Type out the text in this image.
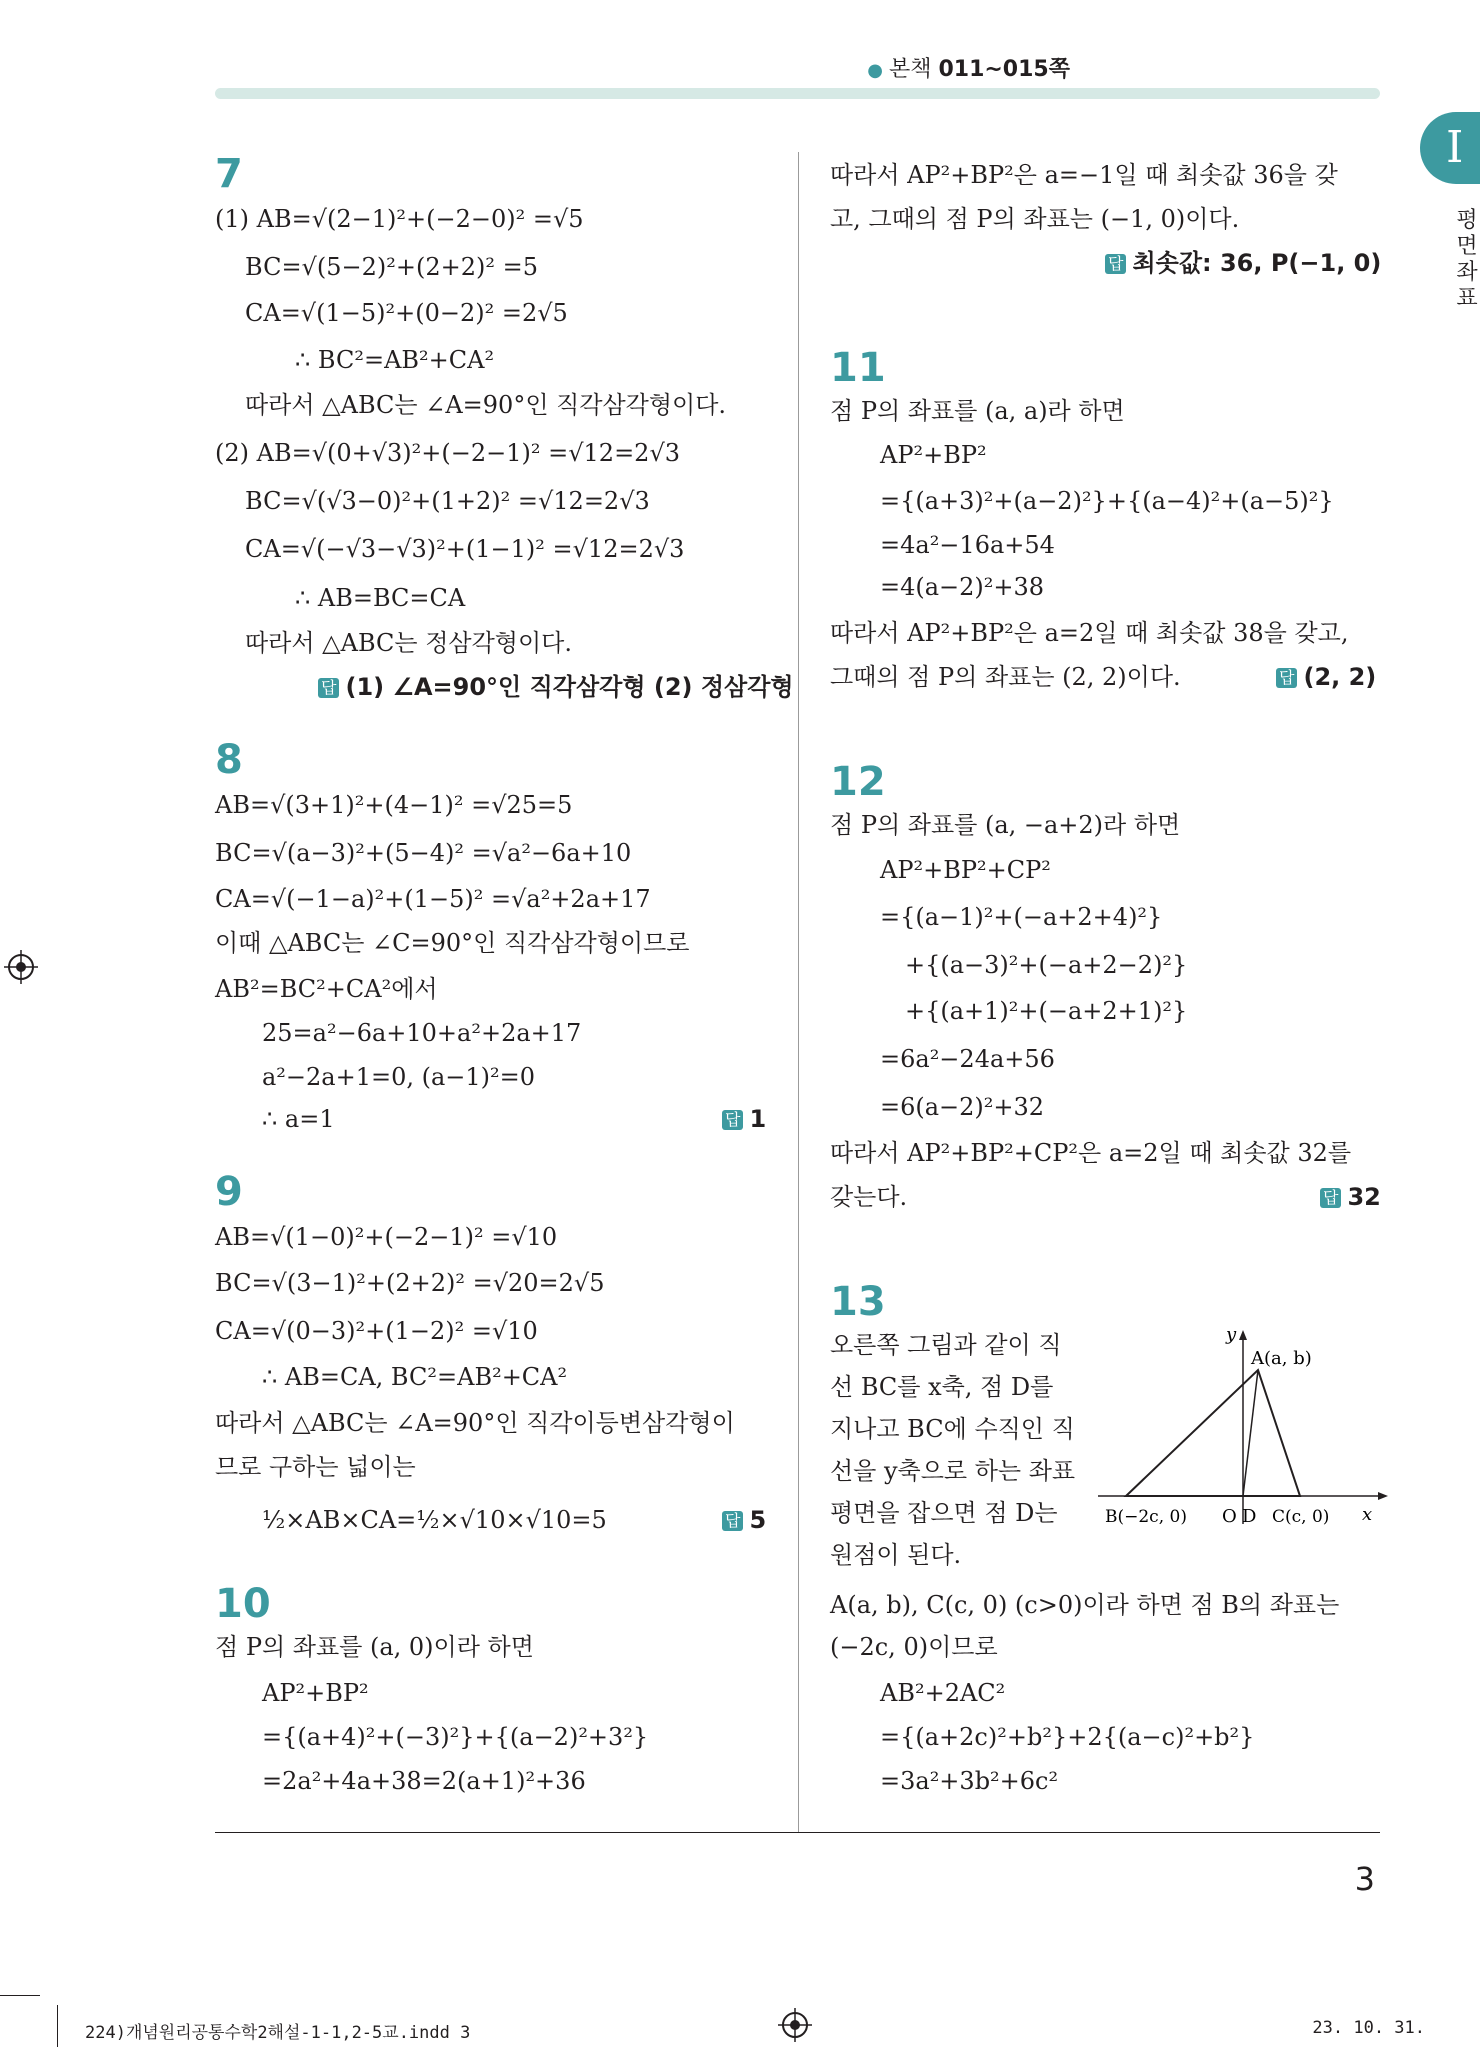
● 본책 011~015쪽
I
평면좌표
3
7
(1) AB=√(2−1)²+(−2−0)² =√5
BC=√(5−2)²+(2+2)² =5
CA=√(1−5)²+(0−2)² =2√5
∴ BC²=AB²+CA²
따라서 △ABC는 ∠A=90°인 직각삼각형이다.
(2) AB=√(0+√3)²+(−2−1)² =√12=2√3
BC=√(√3−0)²+(1+2)² =√12=2√3
CA=√(−√3−√3)²+(1−1)² =√12=2√3
∴ AB=BC=CA
따라서 △ABC는 정삼각형이다.
답 (1) ∠A=90°인 직각삼각형 (2) 정삼각형
8
AB=√(3+1)²+(4−1)² =√25=5
BC=√(a−3)²+(5−4)² =√a²−6a+10
CA=√(−1−a)²+(1−5)² =√a²+2a+17
이때 △ABC는 ∠C=90°인 직각삼각형이므로
AB²=BC²+CA²에서
25=a²−6a+10+a²+2a+17
a²−2a+1=0, (a−1)²=0
∴ a=1	답 1
9
AB=√(1−0)²+(−2−1)² =√10
BC=√(3−1)²+(2+2)² =√20=2√5
CA=√(0−3)²+(1−2)² =√10
∴ AB=CA, BC²=AB²+CA²
따라서 △ABC는 ∠A=90°인 직각이등변삼각형이
므로 구하는 넓이는
½×AB×CA=½×√10×√10=5	답 5
10
점 P의 좌표를 (a, 0)이라 하면
AP²+BP²
={(a+4)²+(−3)²}+{(a−2)²+3²}
=2a²+4a+38=2(a+1)²+36
따라서 AP²+BP²은 a=−1일 때 최솟값 36을 갖
고, 그때의 점 P의 좌표는 (−1, 0)이다.
답 최솟값: 36, P(−1, 0)
11
점 P의 좌표를 (a, a)라 하면
AP²+BP²
={(a+3)²+(a−2)²}+{(a−4)²+(a−5)²}
=4a²−16a+54
=4(a−2)²+38
따라서 AP²+BP²은 a=2일 때 최솟값 38을 갖고,
그때의 점 P의 좌표는 (2, 2)이다.	답 (2, 2)
12
점 P의 좌표를 (a, −a+2)라 하면
AP²+BP²+CP²
={(a−1)²+(−a+2+4)²}
+{(a−3)²+(−a+2−2)²}
+{(a+1)²+(−a+2+1)²}
=6a²−24a+56
=6(a−2)²+32
따라서 AP²+BP²+CP²은 a=2일 때 최솟값 32를
갖는다.	답 32
13
오른쪽 그림과 같이 직
선 BC를 x축, 점 D를
지나고 BC에 수직인 직
선을 y축으로 하는 좌표
평면을 잡으면 점 D는
원점이 된다.
y
x
A(a, b)
B(−2c, 0) O D C(c, 0)
A(a, b), C(c, 0) (c>0)이라 하면 점 B의 좌표는
(−2c, 0)이므로
AB²+2AC²
={(a+2c)²+b²}+2{(a−c)²+b²}
=3a²+3b²+6c²
224)개념원리공통수학2해설-1-1,2-5교.indd 3	23. 10. 31.
